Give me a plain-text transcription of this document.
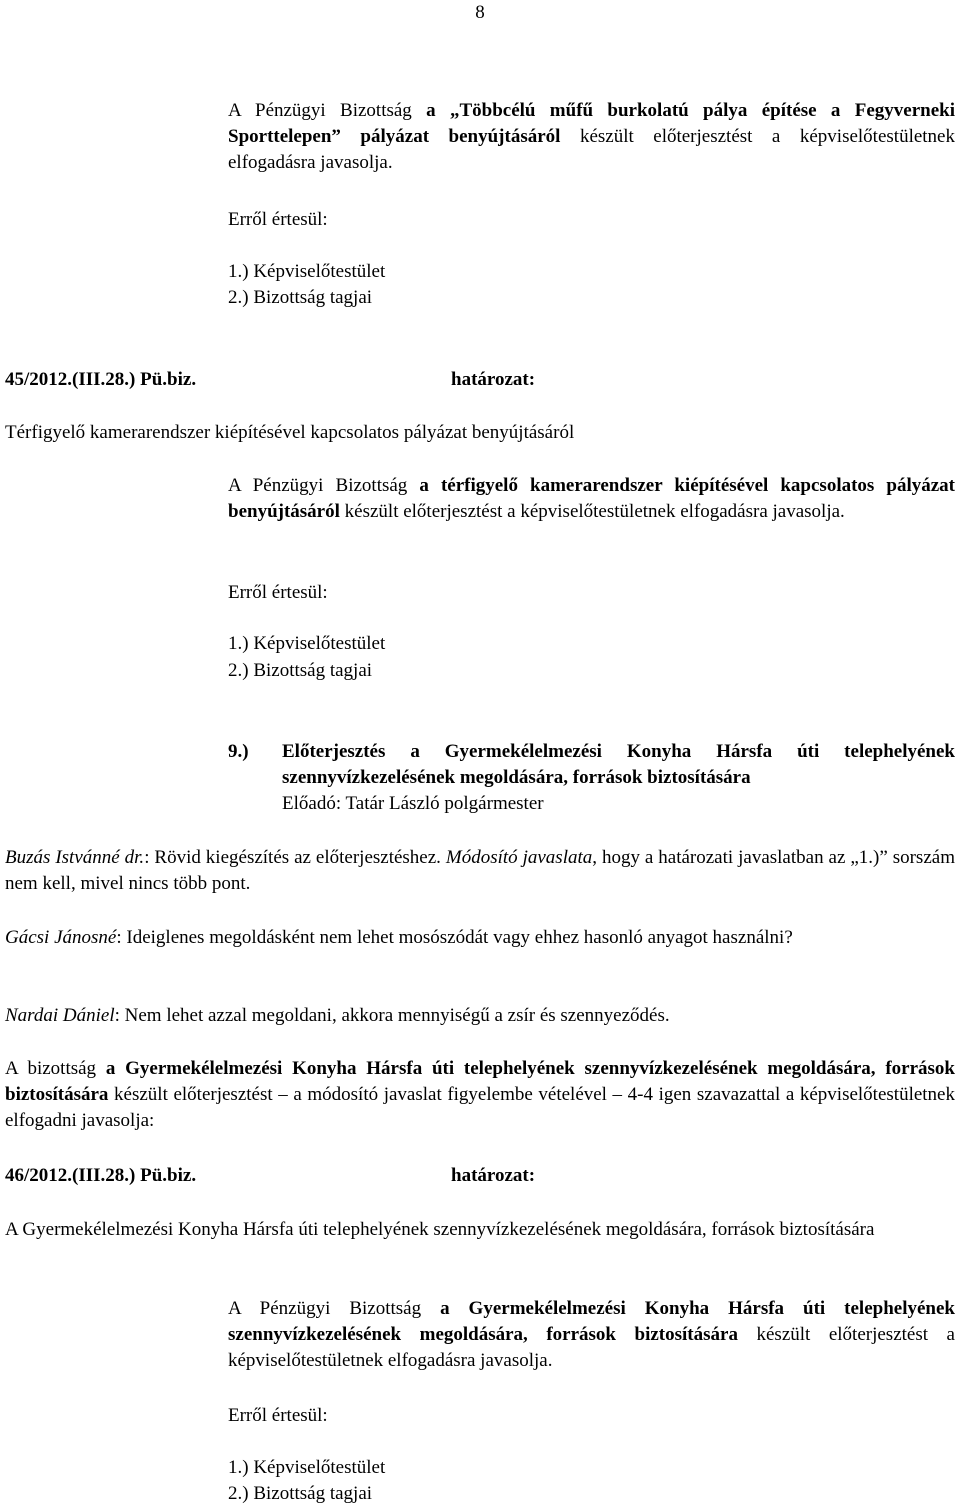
8
A Pénzügyi Bizottság a „Többcélú műfű burkolatú pálya építése a Fegyverneki Sporttelepen” pályázat benyújtásáról készült előterjesztést a képviselőtestületnek elfogadásra javasolja.
Erről értesül:
1.) Képviselőtestület
2.) Bizottság tagjai
45/2012.(III.28.) Pü.biz.	határozat:
Térfigyelő kamerarendszer kiépítésével kapcsolatos pályázat benyújtásáról
A Pénzügyi Bizottság a térfigyelő kamerarendszer kiépítésével kapcsolatos pályázat benyújtásáról készült előterjesztést a képviselőtestületnek elfogadásra javasolja.
Erről értesül:
1.) Képviselőtestület
2.) Bizottság tagjai
9.) Előterjesztés a Gyermekélelmezési Konyha Hársfa úti telephelyének szennyvízkezelésének megoldására, források biztosítására
Előadó: Tatár László polgármester
Buzás Istvánné dr.: Rövid kiegészítés az előterjesztéshez. Módosító javaslata, hogy a határozati javaslatban az „1.)” sorszám nem kell, mivel nincs több pont.
Gácsi Jánosné: Ideiglenes megoldásként nem lehet mosószódát vagy ehhez hasonló anyagot használni?
Nardai Dániel: Nem lehet azzal megoldani, akkora mennyiségű a zsír és szennyeződés.
A bizottság a Gyermekélelmezési Konyha Hársfa úti telephelyének szennyvízkezelésének megoldására, források biztosítására készült előterjesztést – a módosító javaslat figyelembe vételével – 4-4 igen szavazattal a képviselőtestületnek elfogadni javasolja:
46/2012.(III.28.) Pü.biz.	határozat:
A Gyermekélelmezési Konyha Hársfa úti telephelyének szennyvízkezelésének megoldására, források biztosítására
A Pénzügyi Bizottság a Gyermekélelmezési Konyha Hársfa úti telephelyének szennyvízkezelésének megoldására, források biztosítására készült előterjesztést a képviselőtestületnek elfogadásra javasolja.
Erről értesül:
1.) Képviselőtestület
2.) Bizottság tagjai
